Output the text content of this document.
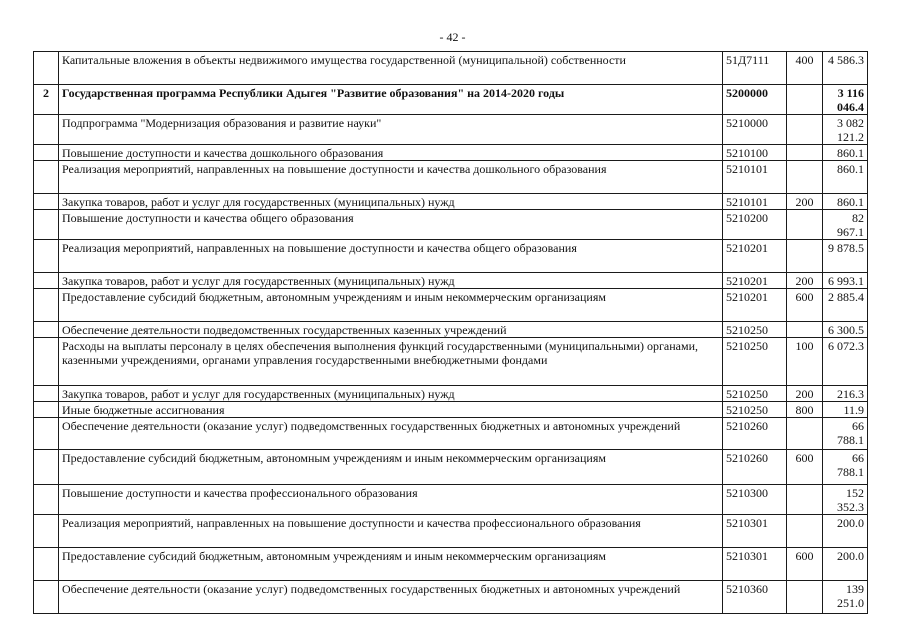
- 42 -
	Капитальные вложения в объекты недвижимого имущества государственной (муниципальной) собственности	51Д7111	400	4 586.3
2	Государственная программа Республики Адыгея "Развитие образования" на 2014-2020 годы	5200000		3 116 046.4
	Подпрограмма "Модернизация образования и развитие науки"	5210000		3 082 121.2
	Повышение доступности и качества дошкольного образования	5210100		860.1
	Реализация мероприятий, направленных на повышение доступности и качества дошкольного образования	5210101		860.1
	Закупка товаров, работ и услуг для государственных (муниципальных) нужд	5210101	200	860.1
	Повышение доступности и качества общего образования	5210200		82 967.1
	Реализация мероприятий, направленных на повышение доступности и качества общего образования	5210201		9 878.5
	Закупка товаров, работ и услуг для государственных (муниципальных) нужд	5210201	200	6 993.1
	Предоставление субсидий бюджетным, автономным учреждениям и иным некоммерческим организациям	5210201	600	2 885.4
	Обеспечение деятельности подведомственных государственных казенных учреждений	5210250		6 300.5
	Расходы на выплаты персоналу в целях обеспечения выполнения функций государственными (муниципальными) органами, казенными учреждениями, органами управления государственными внебюджетными фондами	5210250	100	6 072.3
	Закупка товаров, работ и услуг для государственных (муниципальных) нужд	5210250	200	216.3
	Иные бюджетные ассигнования	5210250	800	11.9
	Обеспечение деятельности (оказание услуг) подведомственных государственных бюджетных и автономных учреждений	5210260		66 788.1
	Предоставление субсидий бюджетным, автономным учреждениям и иным некоммерческим организациям	5210260	600	66 788.1
	Повышение доступности и качества профессионального образования	5210300		152 352.3
	Реализация мероприятий, направленных на повышение доступности и качества профессионального образования	5210301		200.0
	Предоставление субсидий бюджетным, автономным учреждениям и иным некоммерческим организациям	5210301	600	200.0
	Обеспечение деятельности (оказание услуг) подведомственных государственных бюджетных и автономных учреждений	5210360		139 251.0
